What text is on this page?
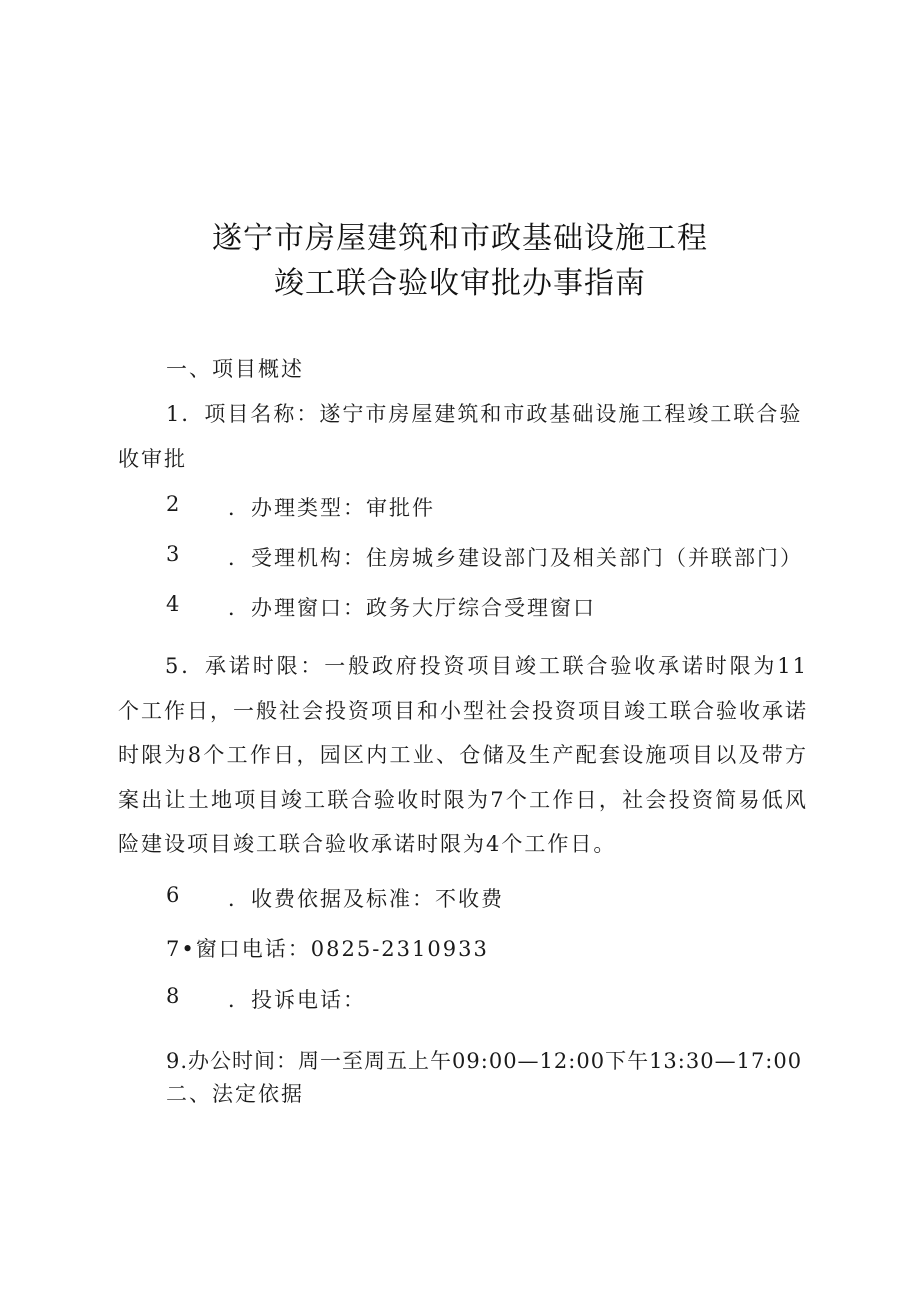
遂宁市房屋建筑和市政基础设施工程
竣工联合验收审批办事指南
一、项目概述
1．项目名称：遂宁市房屋建筑和市政基础设施工程竣工联合验
收审批
2 ．办理类型：审批件
3 ．受理机构：住房城乡建设部门及相关部门（并联部门）
4 ．办理窗口：政务大厅综合受理窗口
5．承诺时限：一般政府投资项目竣工联合验收承诺时限为11个工作日，一般社会投资项目和小型社会投资项目竣工联合验收承诺时限为8个工作日，园区内工业、仓储及生产配套设施项目以及带方案出让土地项目竣工联合验收时限为7个工作日，社会投资简易低风险建设项目竣工联合验收承诺时限为4个工作日。
6 ．收费依据及标准：不收费
7•窗口电话：0825-2310933
8 ．投诉电话：
9.办公时间：周一至周五上午09:00—12:00下午13:30—17:00
二、法定依据
